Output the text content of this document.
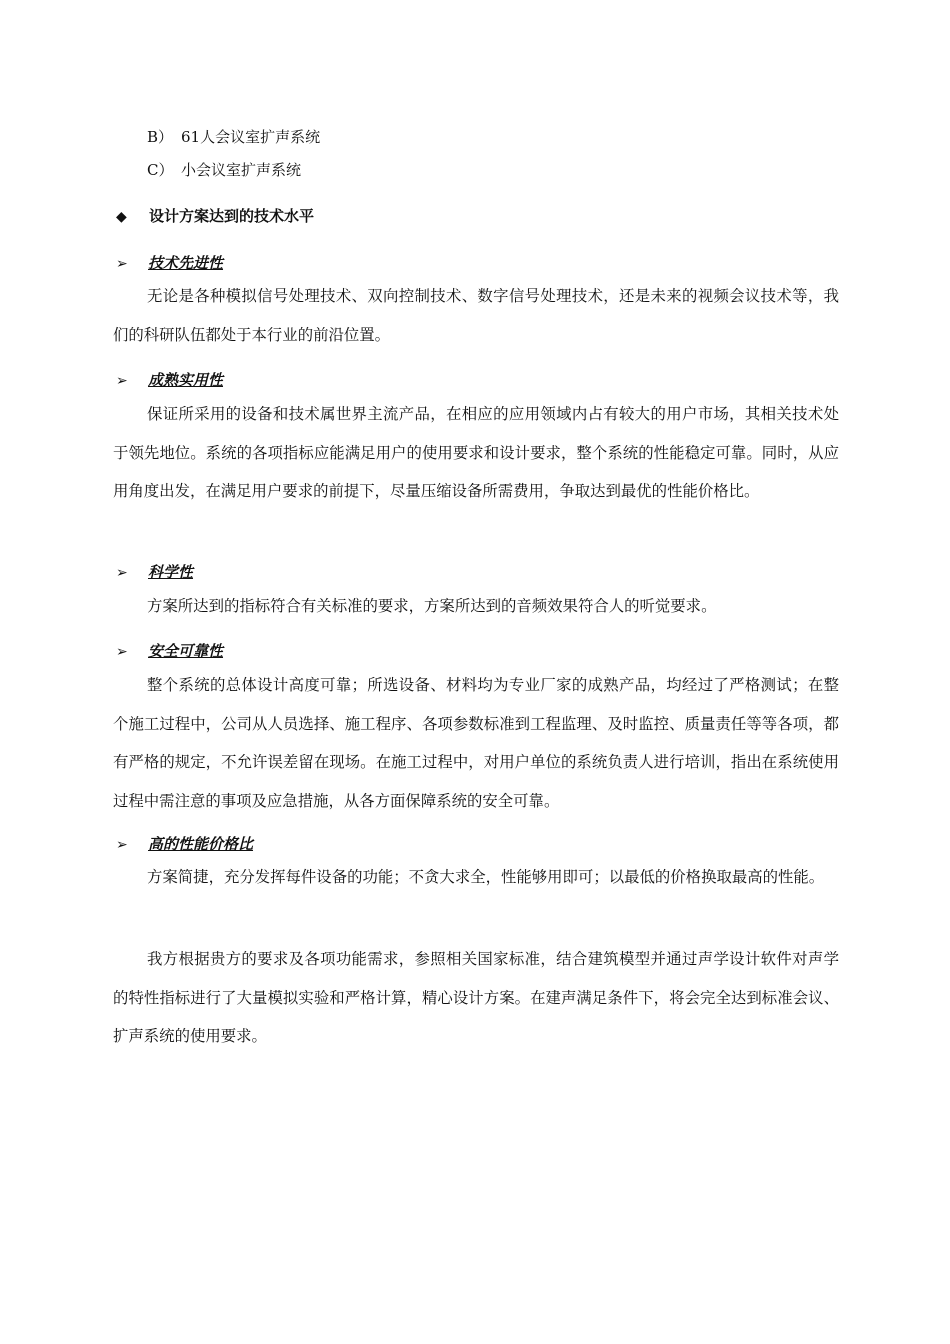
B） 61人会议室扩声系统
C） 小会议室扩声系统
◆ 设计方案达到的技术水平
➢ 技术先进性
无论是各种模拟信号处理技术、双向控制技术、数字信号处理技术，还是未来的视频会议技术等，我们的科研队伍都处于本行业的前沿位置。
➢ 成熟实用性
保证所采用的设备和技术属世界主流产品，在相应的应用领域内占有较大的用户市场，其相关技术处于领先地位。系统的各项指标应能满足用户的使用要求和设计要求，整个系统的性能稳定可靠。同时，从应用角度出发，在满足用户要求的前提下，尽量压缩设备所需费用，争取达到最优的性能价格比。
➢ 科学性
方案所达到的指标符合有关标准的要求，方案所达到的音频效果符合人的听觉要求。
➢ 安全可靠性
整个系统的总体设计高度可靠；所选设备、材料均为专业厂家的成熟产品，均经过了严格测试；在整个施工过程中，公司从人员选择、施工程序、各项参数标准到工程监理、及时监控、质量责任等等各项，都有严格的规定，不允许误差留在现场。在施工过程中，对用户单位的系统负责人进行培训，指出在系统使用过程中需注意的事项及应急措施，从各方面保障系统的安全可靠。
➢ 高的性能价格比
方案简捷，充分发挥每件设备的功能；不贪大求全，性能够用即可；以最低的价格换取最高的性能。
我方根据贵方的要求及各项功能需求，参照相关国家标准，结合建筑模型并通过声学设计软件对声学的特性指标进行了大量模拟实验和严格计算，精心设计方案。在建声满足条件下，将会完全达到标准会议、扩声系统的使用要求。
